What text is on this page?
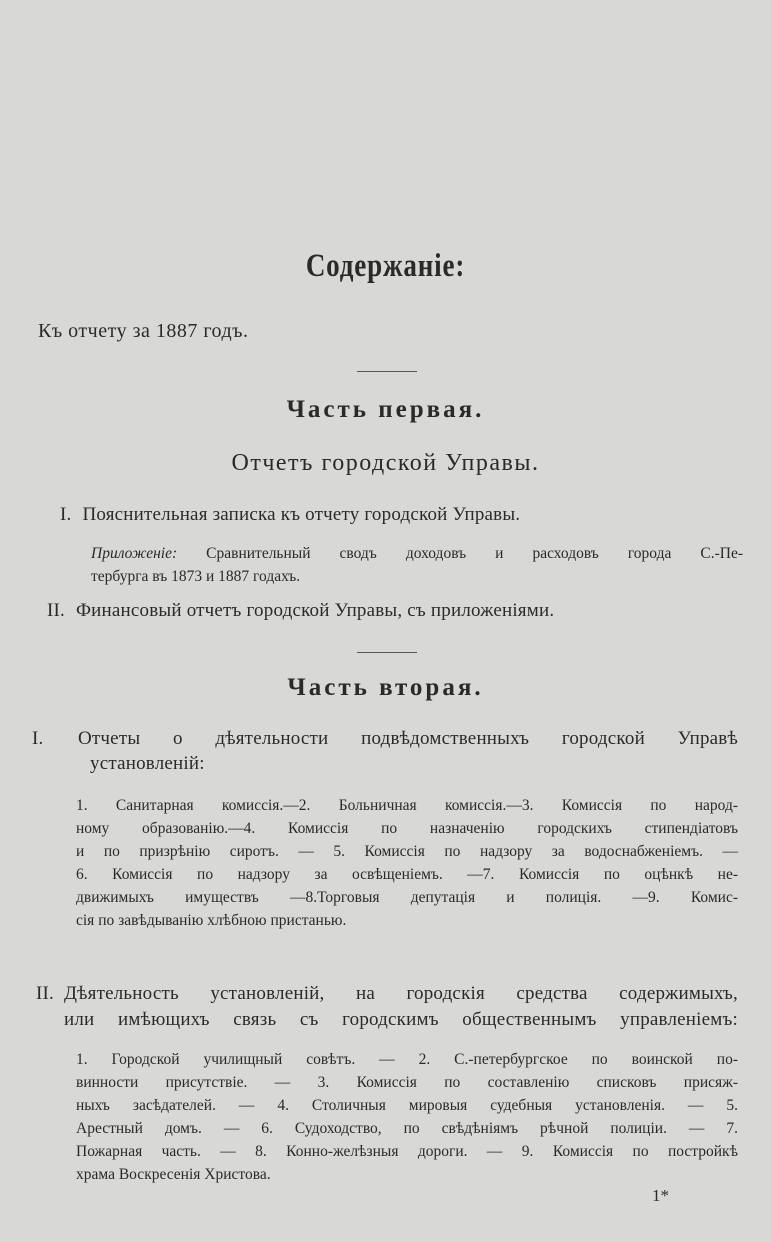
Содержаніе:

Къ отчету за 1887 годъ.

Часть первая.
Отчетъ городской Управы.
I. Пояснительная записка къ отчету городской Управы.
Приложеніе: Сравнительный сводъ доходовъ и расходовъ города С.-Пе-
тербурга въ 1873 и 1887 годахъ.
II. Финансовый отчетъ городской Управы, съ приложеніями.
Часть вторая.
I.	Отчеты о дѣятельности подвѣдомственныхъ городской Управѣ
установленій:
1. Санитарная комиссія.—2. Больничная комиссія.—3. Комиссія по народ-
ному образованію.—4. Комиссія по назначенію городскихъ стипендіатовъ
и по призрѣнію сиротъ. — 5. Комиссія по надзору за водоснабженіемъ. —
6. Комиссія по надзору за освѣщеніемъ. —7. Комиссія по оцѣнкѣ не-
движимыхъ имуществъ —8.Торговыя депутація и полиція. —9. Комис-
сія по завѣдыванію хлѣбною пристанью.
II. Дѣятельность установленій, на городскія средства содержимыхъ,
или имѣющихъ связь съ городскимъ общественнымъ управленіемъ:
1. Городской училищный совѣтъ. — 2. С.-петербургское по воинской по-
винности присутствіе. — 3. Комиссія по составленію списковъ присяж-
ныхъ засѣдателей. — 4. Столичныя мировыя судебныя установленія. — 5.
Арестный домъ. — 6. Судоходство, по свѣдѣніямъ рѣчной полиціи. — 7.
Пожарная часть. — 8. Конно-желѣзныя дороги. — 9. Комиссія по постройкѣ
храма Воскресенія Христова.
1*
